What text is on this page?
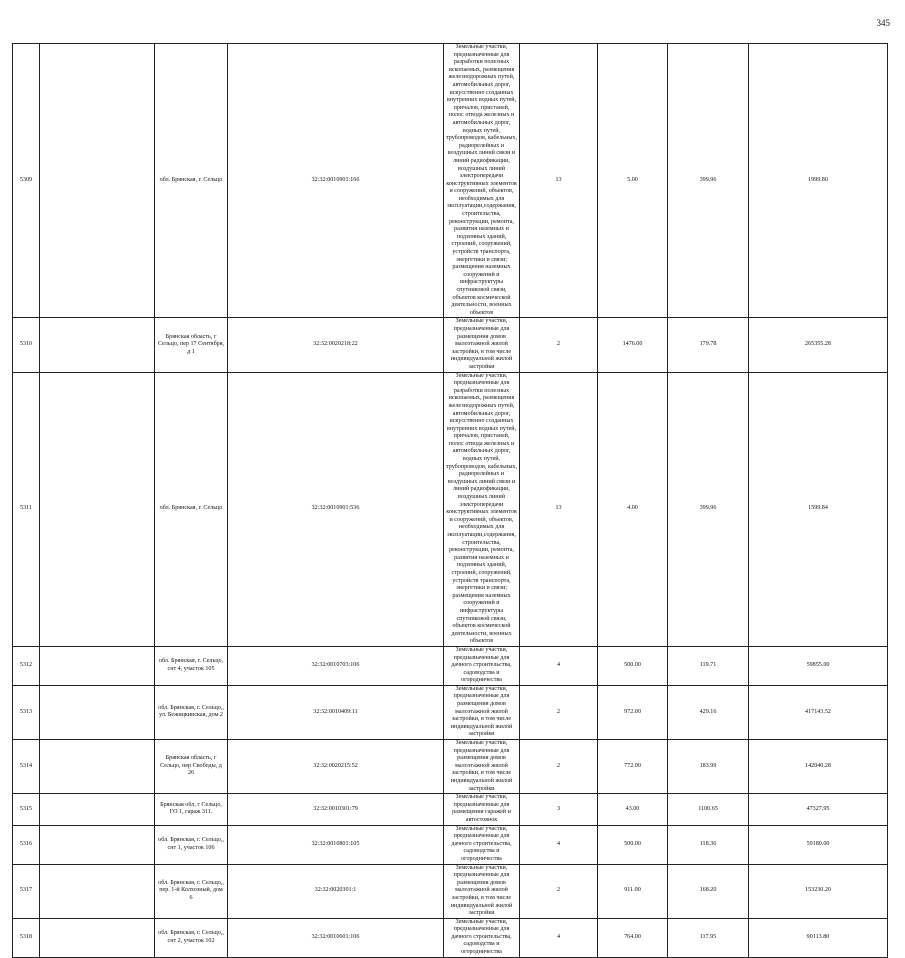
345
5309		обл. Брянская, г. Сельцо	32:32:0010901:166	Земельные участки, предназначенные для разработки полезных ископаемых, размещения железнодорожных путей, автомобильных дорог, искусственно созданных внутренних водных путей, причалов, пристаней, полос отвода железных и автомобильных дорог, водных путей, трубопроводов, кабельных, радиорелейных и воздушных линий связи и линий радиофикации, воздушных линий электропередачи конструктивных элементов и сооружений, объектов, необходимых для эксплуатации,содержания, строительства, реконструкции, ремонта, развития наземных и подземных зданий, строений, сооружений, устройств транспорта, энергетики и связи; размещения наземных сооружений и инфраструктуры спутниковой связи, объектов космической деятельности, военных объектов	13	5.00	399.96	1999.80
5310		Брянская область, г Сельцо, пер 17 Сентября, д 1	32:32:0020218:22	Земельные участки, предназначенные для размещения домов малоэтажной жилой застройки, в том числе индивидуальной жилой застройки	2	1476.00	179.78	265355.28
5311		обл. Брянская, г. Сельцо	32:32:0010901:536	Земельные участки, предназначенные для разработки полезных ископаемых, размещения железнодорожных путей, автомобильных дорог, искусственно созданных внутренних водных путей, причалов, пристаней, полос отвода железных и автомобильных дорог, водных путей, трубопроводов, кабельных, радиорелейных и воздушных линий связи и линий радиофикации, воздушных линий электропередачи конструктивных элементов и сооружений, объектов, необходимых для эксплуатации,содержания, строительства, реконструкции, ремонта, развития наземных и подземных зданий, строений, сооружений, устройств транспорта, энергетики и связи; размещения наземных сооружений и инфраструктуры спутниковой связи, объектов космической деятельности, военных объектов	13	4.00	399.96	1599.84
5312		обл. Брянская, г. Сельцо, снт 4, участок 105	32:32:0010703:106	Земельные участки, предназначенные для дачного строительства, садоводства и огородничества	4	500.00	119.71	59855.00
5313		обл. Брянская, г. Сельцо,, ул. Бежицкинская, дом 2	32:32:0010409:11	Земельные участки, предназначенные для размещения домов малоэтажной жилой застройки, в том числе индивидуальной жилой застройки	2	972.00	429.16	417143.52
5314		Брянская область, г Сельцо, пер Свободы, д 26	32:32:0020215:52	Земельные участки, предназначенные для размещения домов малоэтажной жилой застройки, в том числе индивидуальной жилой застройки	2	772.00	183.99	142040.28
5315		Брянская обл, г Сельцо, ГО 1, гараж 311.	32:32:0010301:79	Земельные участки, предназначенные для размещения гаражей и автостоянок	3	43.00	1100.65	47327.95
5316		обл. Брянская, г. Сельцо,, снт 1, участок 106	32:32:0010801:105	Земельные участки, предназначенные для дачного строительства, садоводства и огородничества	4	500.00	118.36	59180.00
5317		обл. Брянская, г. Сельцо,, пер. 1-й Колхозный, дом 6	32:32:0020301:1	Земельные участки, предназначенные для размещения домов малоэтажной жилой застройки, в том числе индивидуальной жилой застройки	2	911.00	168.20	153230.20
5318		обл. Брянская, г. Сельцо,, снт 2, участок 102	32:32:0010601:106	Земельные участки, предназначенные для дачного строительства, садоводства и огородничества	4	764.00	117.95	90113.80
